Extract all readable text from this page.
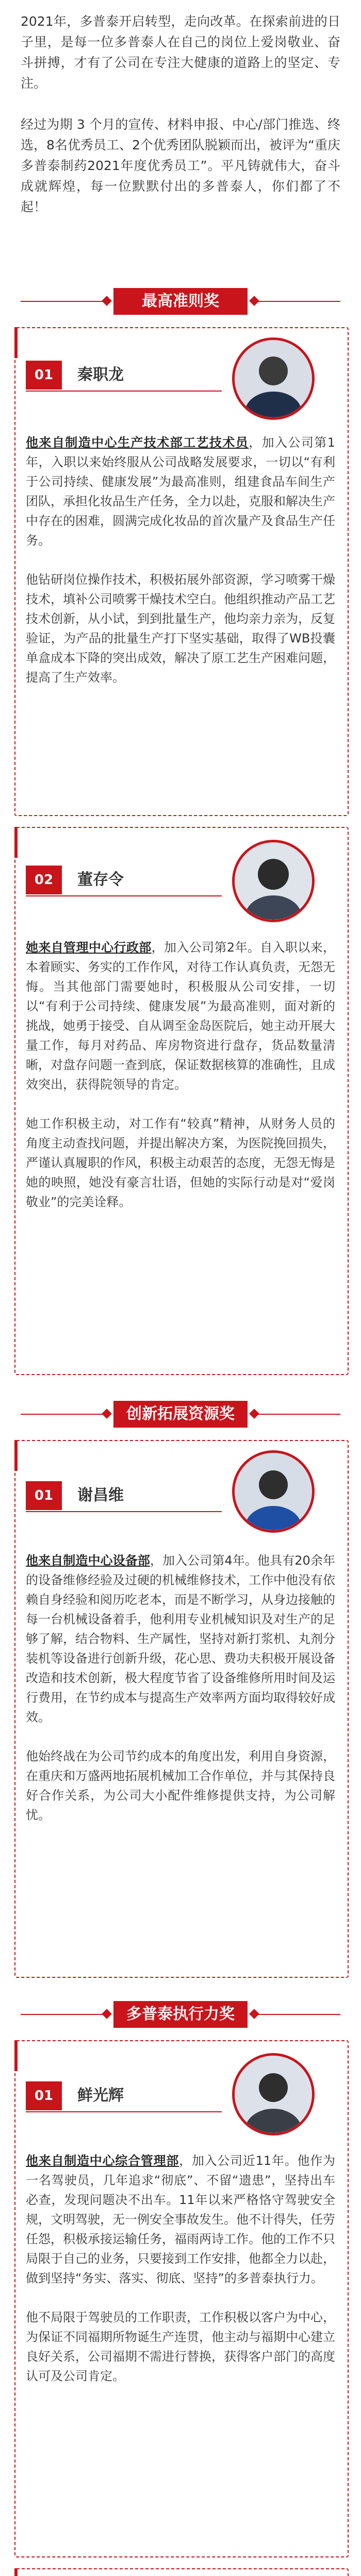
2021年，多普泰开启转型，走向改革。在探索前进的日子里，是每一位多普泰人在自己的岗位上爱岗敬业、奋斗拼搏，才有了公司在专注大健康的道路上的坚定、专注。

经过为期 3 个月的宣传、材料申报、中心/部门推选、终选，8名优秀员工、2个优秀团队脱颖而出，被评为“重庆多普泰制药2021年度优秀员工”。平凡铸就伟大，奋斗成就辉煌，每一位默默付出的多普泰人，你们都了不起！

最高准则奖
01	秦职龙

他来自制造中心生产技术部工艺技术员，加入公司第1年，入职以来始终服从公司战略发展要求，一切以“有利于公司持续、健康发展”为最高准则，组建食品车间生产团队，承担化妆品生产任务，全力以赴，克服和解决生产中存在的困难，圆满完成化妆品的首次量产及食品生产任务。

他钻研岗位操作技术，积极拓展外部资源，学习喷雾干燥技术，填补公司喷雾干燥技术空白。他组织推动产品工艺技术创新，从小试，到到批量生产，他均亲力亲为，反复验证，为产品的批量生产打下坚实基础，取得了WB投囊单盒成本下降的突出成效，解决了原工艺生产困难问题，提高了生产效率。

02	董存令

她来自管理中心行政部，加入公司第2年。自入职以来，本着顾实、务实的工作作风，对待工作认真负责，无怨无悔。当其他部门需要她时，积极服从公司安排，一切以“有利于公司持续、健康发展”为最高准则，面对新的挑战，她勇于接受、自从调至金岛医院后，她主动开展大量工作，每月对药品、库房物资进行盘存，货品数量清晰，对盘存问题一查到底，保证数据核算的准确性，且成效突出，获得院领导的肯定。

她工作积极主动，对工作有“较真”精神，从财务人员的角度主动查找问题，并提出解决方案，为医院挽回损失，严谨认真履职的作风，积极主动艰苦的态度，无怨无悔是她的映照，她没有豪言壮语，但她的实际行动是对“爱岗敬业”的完美诠释。

创新拓展资源奖
01	谢昌维

他来自制造中心设备部，加入公司第4年。他具有20余年的设备维修经验及过硬的机械维修技术，工作中他没有依赖自身经验和阅历吃老本，而是不断学习，从身边接触的每一台机械设备着手，他利用专业机械知识及对生产的足够了解，结合物料、生产属性，坚持对新打浆机、丸剂分装机等设备进行创新升级，花心思、费功夫积极开展设备改造和技术创新，极大程度节省了设备维修所用时间及运行费用，在节约成本与提高生产效率两方面均取得较好成效。

他始终战在为公司节约成本的角度出发，利用自身资源，在重庆和万盛两地拓展机械加工合作单位，并与其保持良好合作关系，为公司大小配件维修提供支持，为公司解忧。

多普泰执行力奖
01	鲜光辉

他来自制造中心综合管理部，加入公司近11年。他作为一名驾驶员，几年追求“彻底”、不留“遗患”，坚持出车必查，发现问题决不出车。11年以来严格恪守驾驶安全规，文明驾驶，无一例安全事故发生。他不计得失，任劳任怨，积极承接运输任务，福雨两诗工作。他的工作不只局限于自己的业务，只要接到工作安排，他都全力以赴，做到坚持“务实、落实、彻底、坚持”的多普泰执行力。

他不局限于驾驶员的工作职责，工作积极以客户为中心，为保证不同福期所物诞生产连贯，他主动与福期中心建立良好关系，公司福期不需进行替换，获得客户部门的高度认可及公司肯定。
